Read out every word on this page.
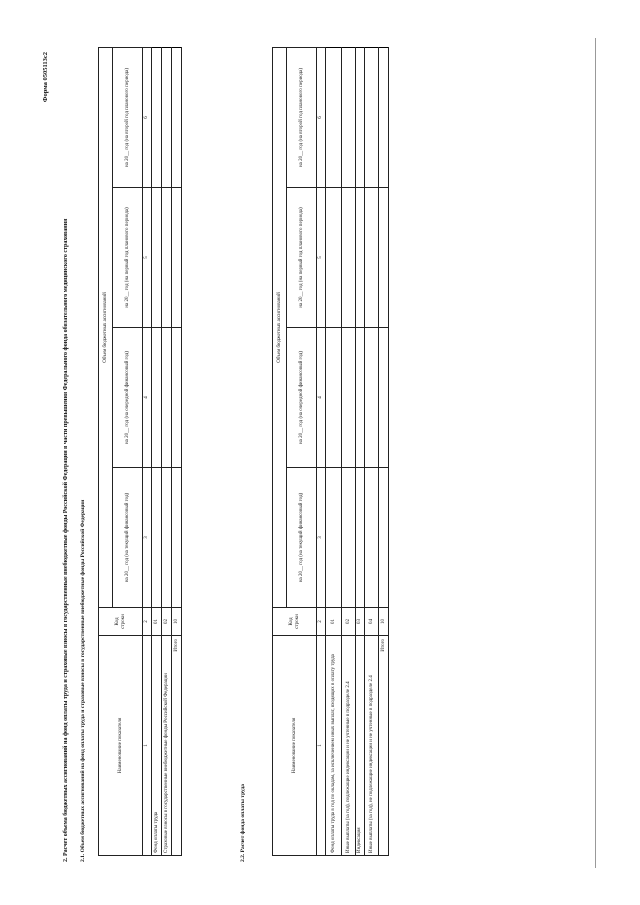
Форма 0505113с2
2. Расчет объема бюджетных ассигнований на фонд оплаты труда и страховые взносы в государственные внебюджетные фонды Российской Федерации в части превышения Федерального фонда обязательного медицинского страхования 2.1. Объем бюджетных ассигнований на фонд оплаты труда и страховые взносы в государственные внебюджетные фонды Российской Федерации	Наименование показателя	Код строки	Объем бюджетных ассигнований			
		на 20__ год (на текущий финансовый год)	на 20__ год (на очередной финансовый год)	на 20__ год (на первый год планового периода)	на 20__ год (на второй год планового периода)
1	2	3	4	5	6
Фонд оплаты труда	01				
Страховые взносы в государственные внебюджетные фонды Российской Федерации	02				
Итого	10				
2.2. Расчет фонда оплаты труда
Наименование показателя	Код строки	Объем бюджетных ассигнований			
		на 20__ год (на текущий финансовый год)	на 20__ год (на очередной финансовый год)	на 20__ год (на первый год планового периода)	на 20__ год (на второй год планового периода)
1	2	3	4	5	6
Фонд оплаты труда в год по окладам, за исключением иных выплат, входящих в оплату труда	01				
Иные выплаты (за год), подлежащие индексации и не учтенные в подразделе 2.4	02				
Индексация	03				
Иные выплаты (за год), не подлежащие индексации и не учтенные в подразделе 2.4	04				
Итого	10				
